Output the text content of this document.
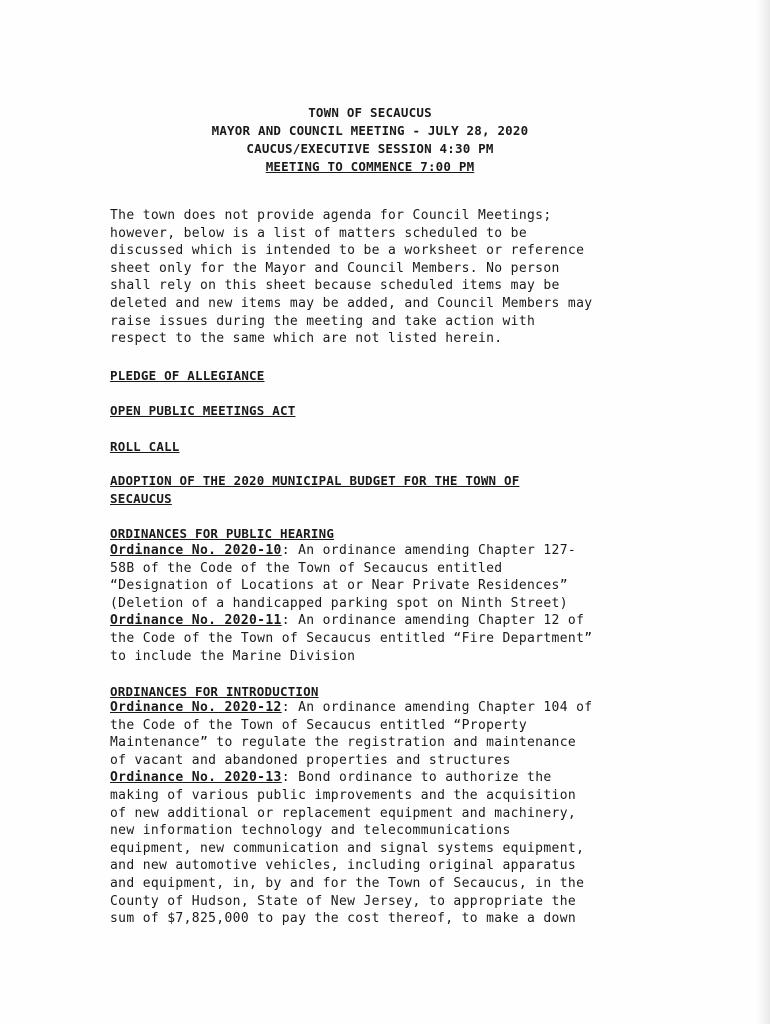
TOWN OF SECAUCUS
MAYOR AND COUNCIL MEETING - JULY 28, 2020
CAUCUS/EXECUTIVE SESSION 4:30 PM
MEETING TO COMMENCE 7:00 PM
The town does not provide agenda for Council Meetings;
however, below is a list of matters scheduled to be
discussed which is intended to be a worksheet or reference
sheet only for the Mayor and Council Members. No person
shall rely on this sheet because scheduled items may be
deleted and new items may be added, and Council Members may
raise issues during the meeting and take action with
respect to the same which are not listed herein.
PLEDGE OF ALLEGIANCE
OPEN PUBLIC MEETINGS ACT
ROLL CALL
ADOPTION OF THE 2020 MUNICIPAL BUDGET FOR THE TOWN OF
SECAUCUS
ORDINANCES FOR PUBLIC HEARING
Ordinance No. 2020-10: An ordinance amending Chapter 127-
58B of the Code of the Town of Secaucus entitled
“Designation of Locations at or Near Private Residences”
(Deletion of a handicapped parking spot on Ninth Street)
Ordinance No. 2020-11: An ordinance amending Chapter 12 of
the Code of the Town of Secaucus entitled “Fire Department”
to include the Marine Division
ORDINANCES FOR INTRODUCTION
Ordinance No. 2020-12: An ordinance amending Chapter 104 of
the Code of the Town of Secaucus entitled “Property
Maintenance” to regulate the registration and maintenance
of vacant and abandoned properties and structures
Ordinance No. 2020-13: Bond ordinance to authorize the
making of various public improvements and the acquisition
of new additional or replacement equipment and machinery,
new information technology and telecommunications
equipment, new communication and signal systems equipment,
and new automotive vehicles, including original apparatus
and equipment, in, by and for the Town of Secaucus, in the
County of Hudson, State of New Jersey, to appropriate the
sum of $7,825,000 to pay the cost thereof, to make a down
